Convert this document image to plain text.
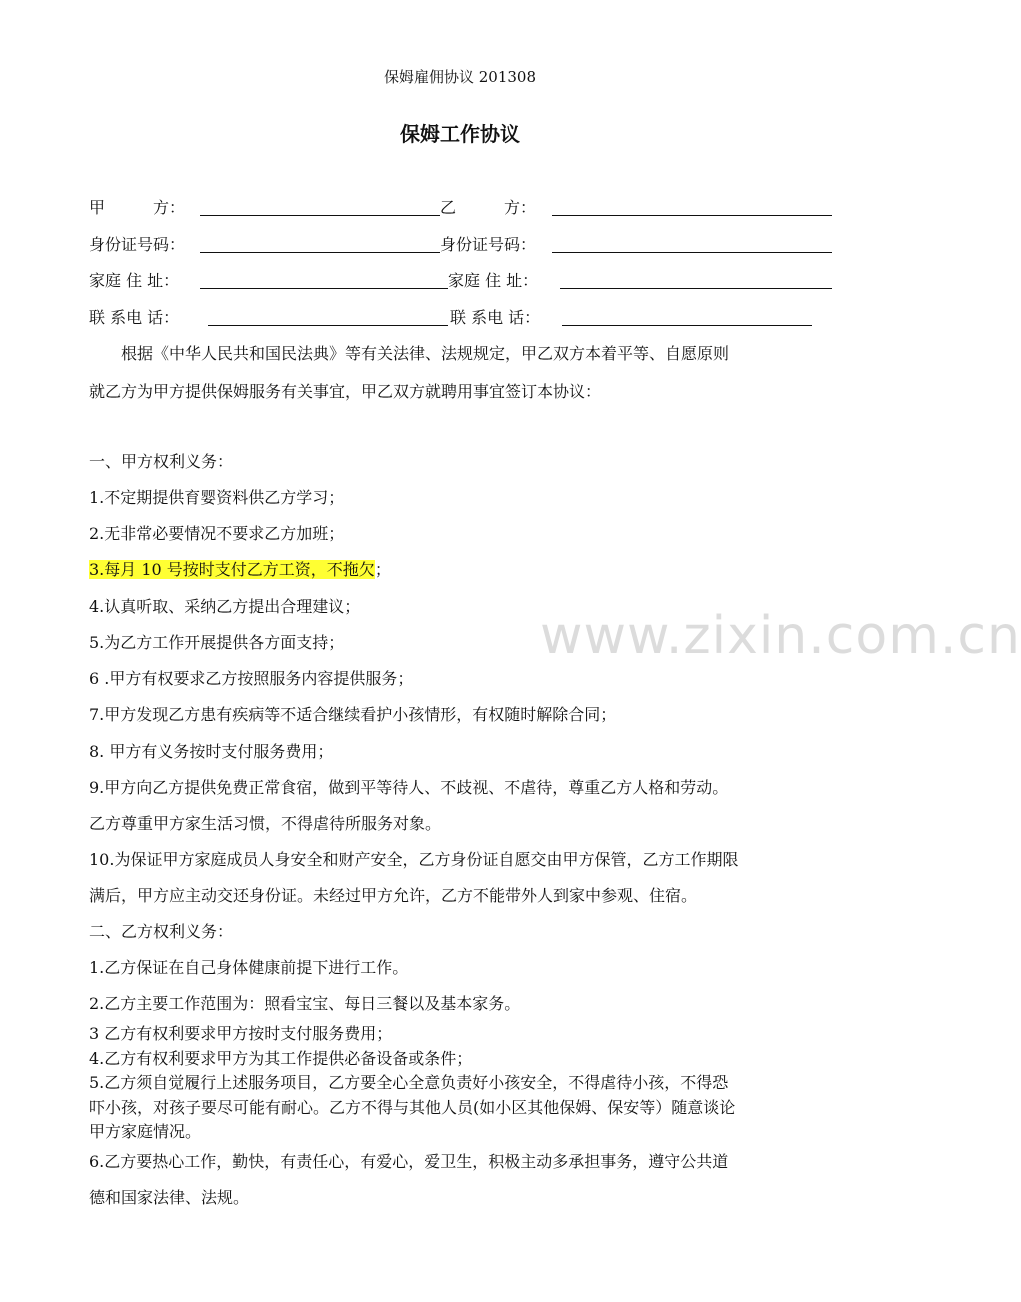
保姆雇佣协议 201308
保姆工作协议
甲　　　方：	乙　　　方：
身份证号码：	身份证号码：
家庭 住 址：	家庭 住 址：
联 系电 话：	联 系电 话：
根据《中华人民共和国民法典》等有关法律、法规规定，甲乙双方本着平等、自愿原则
就乙方为甲方提供保姆服务有关事宜，甲乙双方就聘用事宜签订本协议：
一、甲方权利义务：
1.不定期提供育婴资料供乙方学习；
2.无非常必要情况不要求乙方加班；
3.每月 10 号按时支付乙方工资，不拖欠；
4.认真听取、采纳乙方提出合理建议；
5.为乙方工作开展提供各方面支持；
6 .甲方有权要求乙方按照服务内容提供服务；
7.甲方发现乙方患有疾病等不适合继续看护小孩情形，有权随时解除合同；
8. 甲方有义务按时支付服务费用；
9.甲方向乙方提供免费正常食宿，做到平等待人、不歧视、不虐待，尊重乙方人格和劳动。
乙方尊重甲方家生活习惯，不得虐待所服务对象。
10.为保证甲方家庭成员人身安全和财产安全，乙方身份证自愿交由甲方保管，乙方工作期限
满后，甲方应主动交还身份证。未经过甲方允许，乙方不能带外人到家中参观、住宿。
二、乙方权利义务：
1.乙方保证在自己身体健康前提下进行工作。
2.乙方主要工作范围为：照看宝宝、每日三餐以及基本家务。
3 乙方有权利要求甲方按时支付服务费用；
4.乙方有权利要求甲方为其工作提供必备设备或条件；
5.乙方须自觉履行上述服务项目，乙方要全心全意负责好小孩安全，不得虐待小孩，不得恐
吓小孩，对孩子要尽可能有耐心。乙方不得与其他人员(如小区其他保姆、保安等）随意谈论
甲方家庭情况。
6.乙方要热心工作，勤快，有责任心，有爱心，爱卫生，积极主动多承担事务，遵守公共道
德和国家法律、法规。
www.zixin.com.cn
